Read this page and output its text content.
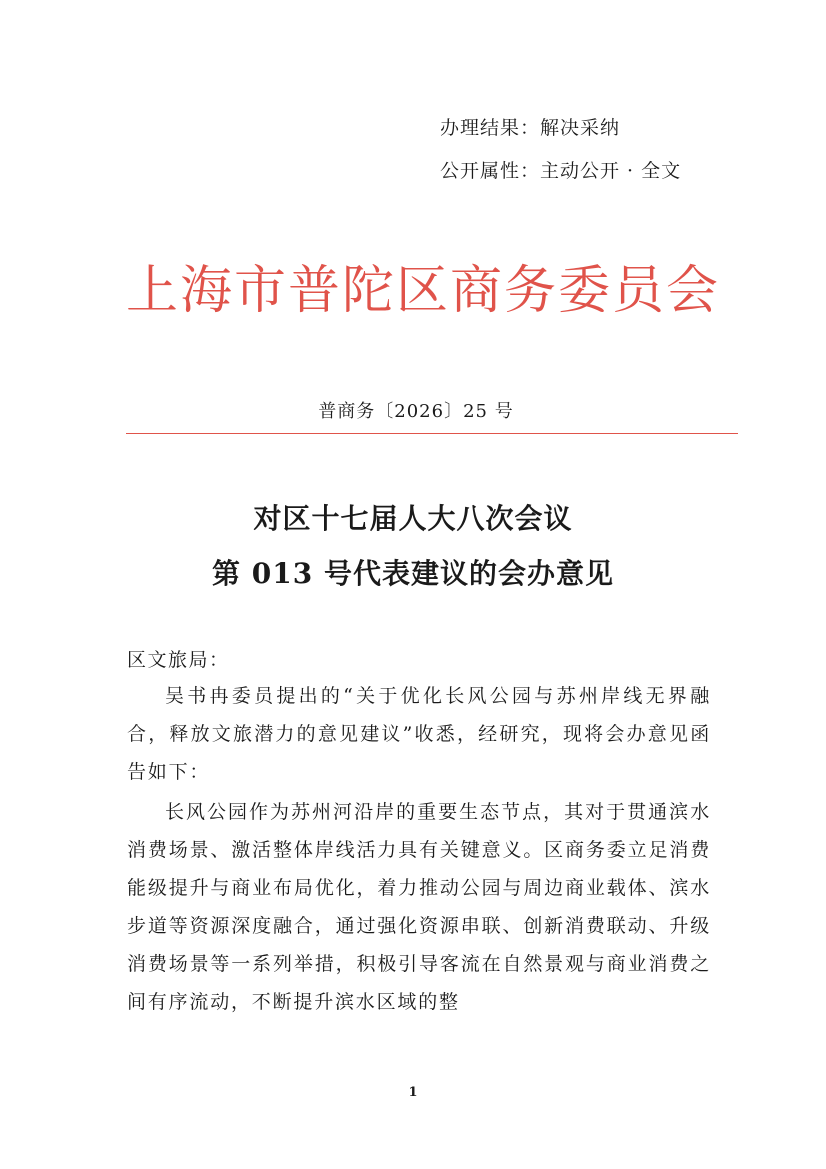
办理结果：解决采纳
公开属性：主动公开 · 全文
上海市普陀区商务委员会
普商务〔2026〕25 号
对区十七届人大八次会议
第 013 号代表建议的会办意见
区文旅局：
吴书冉委员提出的“关于优化长风公园与苏州岸线无界融合，释放文旅潜力的意见建议”收悉，经研究，现将会办意见函告如下：
长风公园作为苏州河沿岸的重要生态节点，其对于贯通滨水消费场景、激活整体岸线活力具有关键意义。区商务委立足消费能级提升与商业布局优化，着力推动公园与周边商业载体、滨水步道等资源深度融合，通过强化资源串联、创新消费联动、升级消费场景等一系列举措，积极引导客流在自然景观与商业消费之间有序流动，不断提升滨水区域的整
1
